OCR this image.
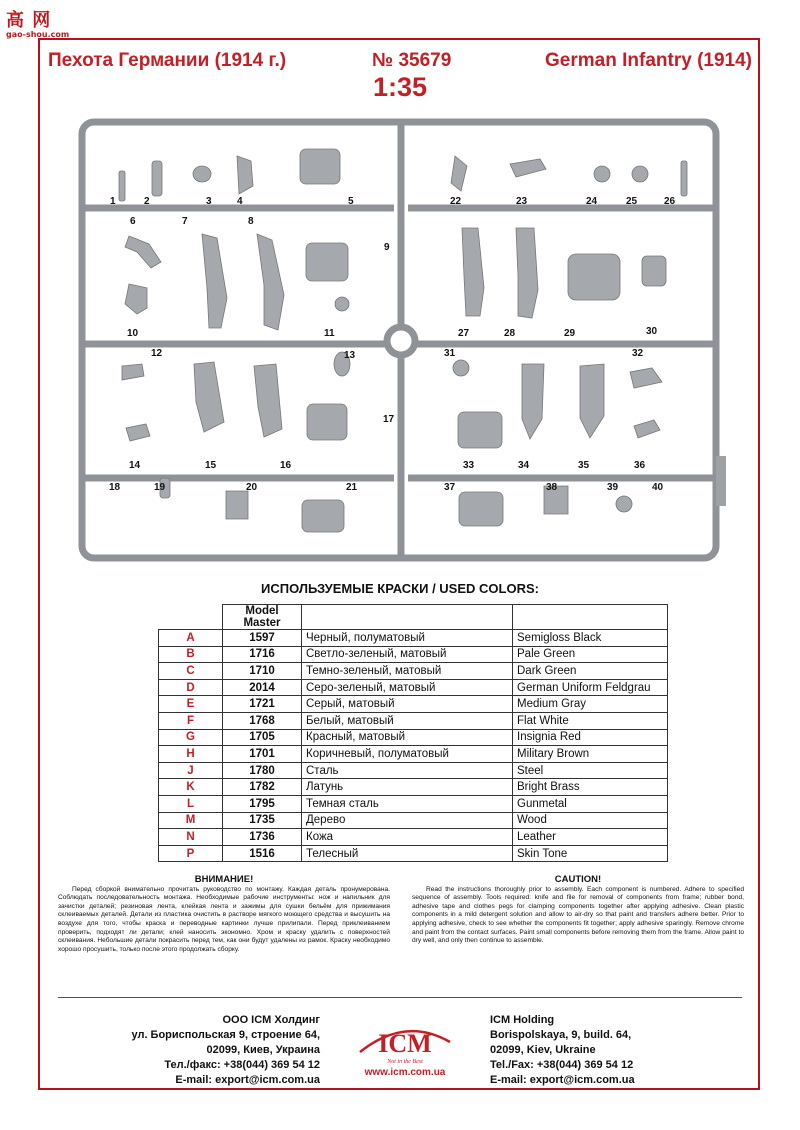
高 网
gao-shou.com
Пехота Германии (1914 г.)	№ 35679	German Infantry (1914)
1:35
1	2	3	4	5
6	7	8
9
10	11
12	13
14	15	16
17
18	19	20	21
22	23	24	25	26
27	28	29	30
31	32
33	34	35	36
37	38	39	40
ИСПОЛЬЗУЕМЫЕ КРАСКИ / USED COLORS:
	Model Master		
A	1597	Черный, полуматовый	Semigloss Black
B	1716	Светло-зеленый, матовый	Pale Green
C	1710	Темно-зеленый, матовый	Dark Green
D	2014	Серо-зеленый, матовый	German Uniform Feldgrau
E	1721	Серый, матовый	Medium Gray
F	1768	Белый, матовый	Flat White
G	1705	Красный, матовый	Insignia Red
H	1701	Коричневый, полуматовый	Military Brown
J	1780	Сталь	Steel
K	1782	Латунь	Bright Brass
L	1795	Темная сталь	Gunmetal
M	1735	Дерево	Wood
N	1736	Кожа	Leather
P	1516	Телесный	Skin Tone
ВНИМАНИЕ!

Перед сборкой внимательно прочитать руководство по монтажу. Каждая деталь пронумерована. Соблюдать последовательность монтажа. Необходимые рабочие инструменты: нож и напильник для зачистки деталей; резиновая лента, клейкая лента и зажимы для сушки бельём для прижимания склеиваемых деталей. Детали из пластика очистить в растворе мягкого моющего средства и высушить на воздухе для того, чтобы краска и переводные картинки лучше прилипали. Перед приклеиванием проверить, подходят ли детали; клей наносить экономно. Хром и краску удалить с поверхностей склеивания. Небольшие детали покрасить перед тем, как они будут удалены из рамок. Краску необходимо хорошо просушить, только после этого продолжать сборку.

CAUTION!

Read the instructions thoroughly prior to assembly. Each component is numbered. Adhere to specified sequence of assembly. Tools required: knife and file for removal of components from frame; rubber bond, adhesive tape and clothes pegs for clamping components together after applying adhesive. Clean plastic components in a mild detergent solution and allow to air-dry so that paint and transfers adhere better. Prior to applying adhesive, check to see whether the components fit together; apply adhesive sparingly. Remove chrome and paint from the contact surfaces. Paint small components before removing them from the frame. Allow paint to dry well, and only then continue to assemble.

ООО ICM Холдинг
ул. Бориспольская 9, строение 64,
02099, Киев, Украина
Тел./факс: +38(044) 369 54 12
E-mail: export@icm.com.ua
ICM
Not in the Best
www.icm.com.ua
ICM Holding
Borispolskaya, 9, build. 64,
02099, Kiev, Ukraine
Tel./Fax: +38(044) 369 54 12
E-mail: export@icm.com.ua
